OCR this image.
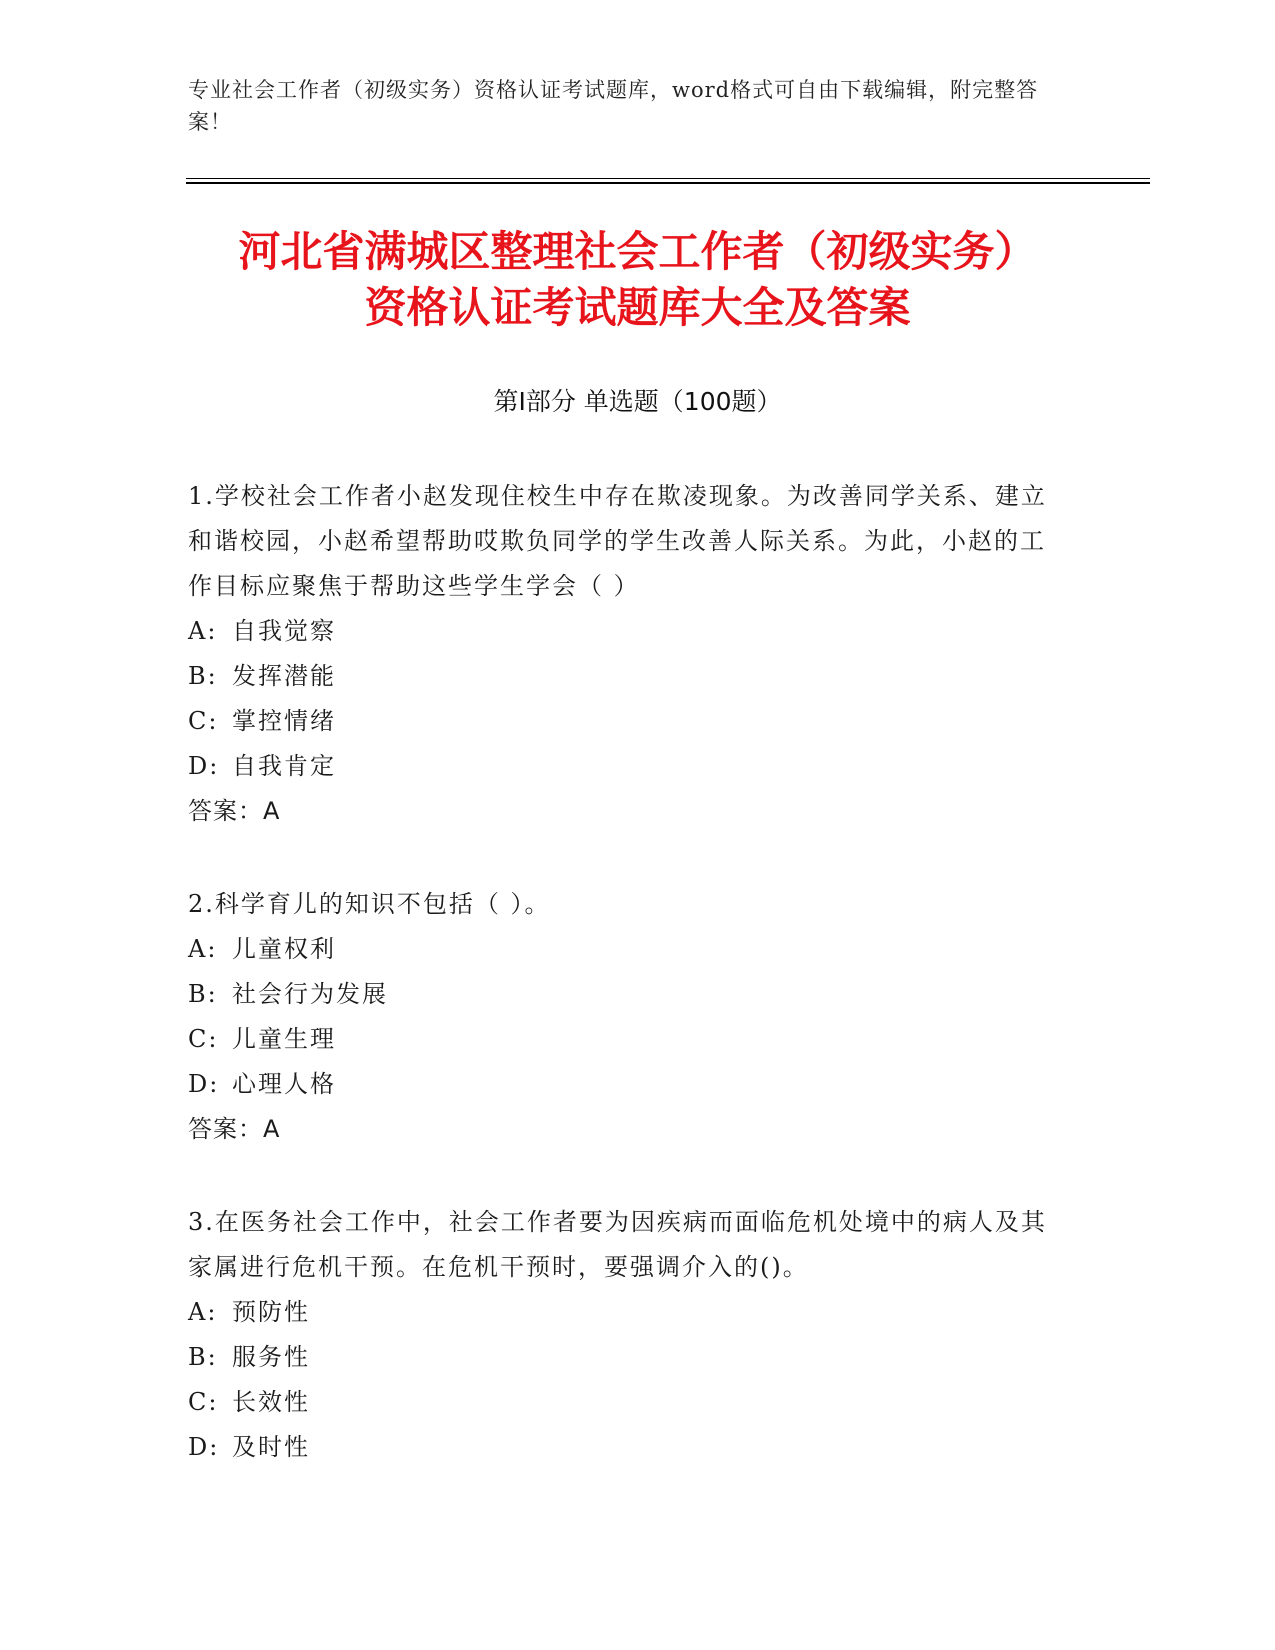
专业社会工作者（初级实务）资格认证考试题库，word格式可自由下载编辑，附完整答案！
河北省满城区整理社会工作者（初级实务）
资格认证考试题库大全及答案
第Ⅰ部分 单选题（100题）

1.学校社会工作者小赵发现住校生中存在欺凌现象。为改善同学关系、建立和谐校园，小赵希望帮助哎欺负同学的学生改善人际关系。为此，小赵的工作目标应聚焦于帮助这些学生学会（ ）

A: 自我觉察

B: 发挥潜能

C: 掌控情绪

D: 自我肯定

答案：A

2.科学育儿的知识不包括（ ）。

A: 儿童权利

B: 社会行为发展

C: 儿童生理

D: 心理人格

答案：A

3.在医务社会工作中，社会工作者要为因疾病而面临危机处境中的病人及其家属进行危机干预。在危机干预时，要强调介入的()。

A: 预防性

B: 服务性

C: 长效性

D: 及时性
